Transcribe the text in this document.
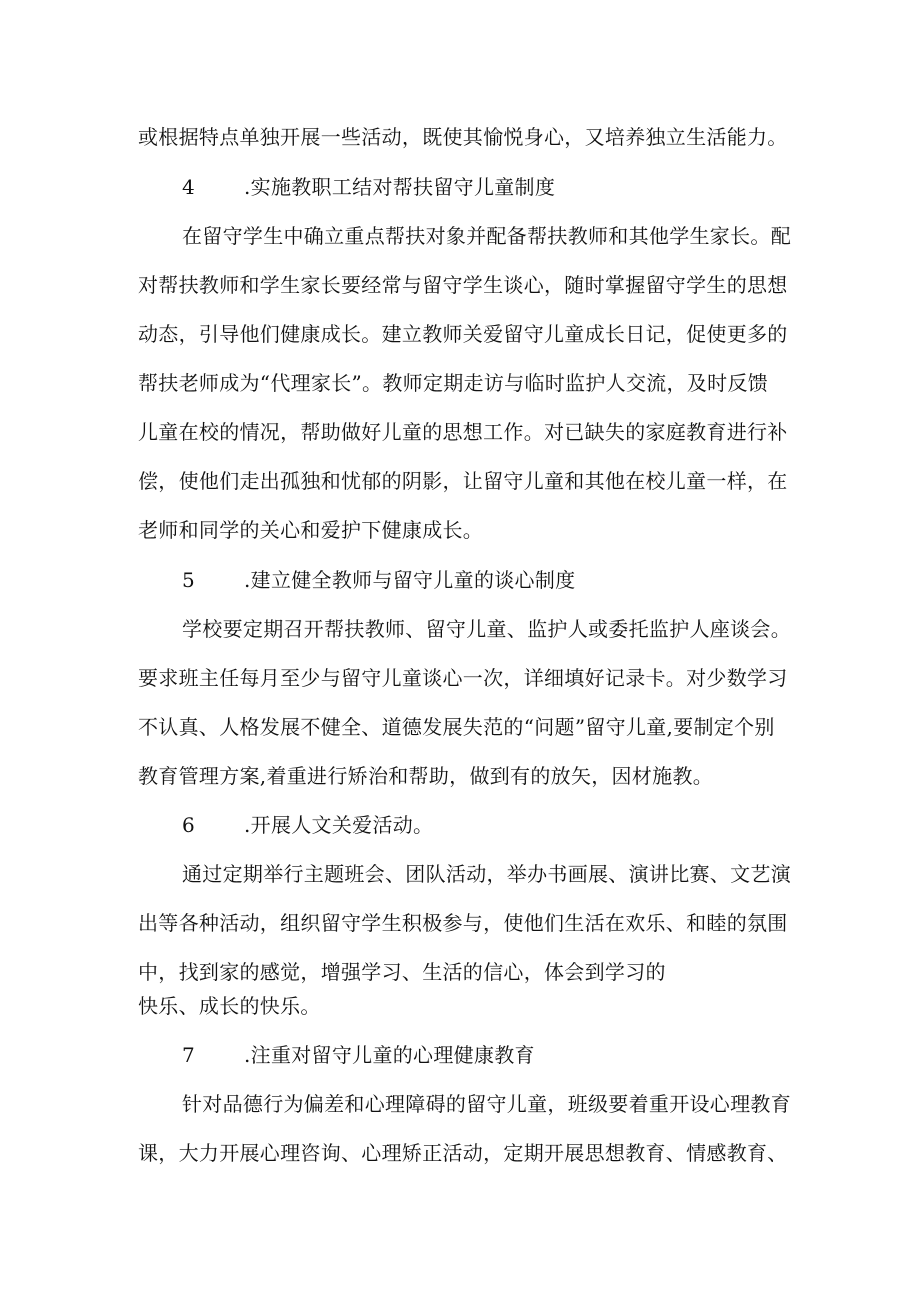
或根据特点单独开展一些活动，既使其愉悦身心，又培养独立生活能力。
4 .实施教职工结对帮扶留守儿童制度
在留守学生中确立重点帮扶对象并配备帮扶教师和其他学生家长。配
对帮扶教师和学生家长要经常与留守学生谈心，随时掌握留守学生的思想
动态，引导他们健康成长。建立教师关爱留守儿童成长日记，促使更多的
帮扶老师成为“代理家长”。教师定期走访与临时监护人交流，及时反馈
儿童在校的情况，帮助做好儿童的思想工作。对已缺失的家庭教育进行补
偿，使他们走出孤独和忧郁的阴影，让留守儿童和其他在校儿童一样，在
老师和同学的关心和爱护下健康成长。
5 .建立健全教师与留守儿童的谈心制度
学校要定期召开帮扶教师、留守儿童、监护人或委托监护人座谈会。
要求班主任每月至少与留守儿童谈心一次，详细填好记录卡。对少数学习
不认真、人格发展不健全、道德发展失范的“问题”留守儿童,要制定个别
教育管理方案,着重进行矫治和帮助，做到有的放矢，因材施教。
6 .开展人文关爱活动。
通过定期举行主题班会、团队活动，举办书画展、演讲比赛、文艺演
出等各种活动，组织留守学生积极参与，使他们生活在欢乐、和睦的氛围
中，找到家的感觉，增强学习、生活的信心，体会到学习的
快乐、成长的快乐。
7 .注重对留守儿童的心理健康教育
针对品德行为偏差和心理障碍的留守儿童，班级要着重开设心理教育
课，大力开展心理咨询、心理矫正活动，定期开展思想教育、情感教育、
